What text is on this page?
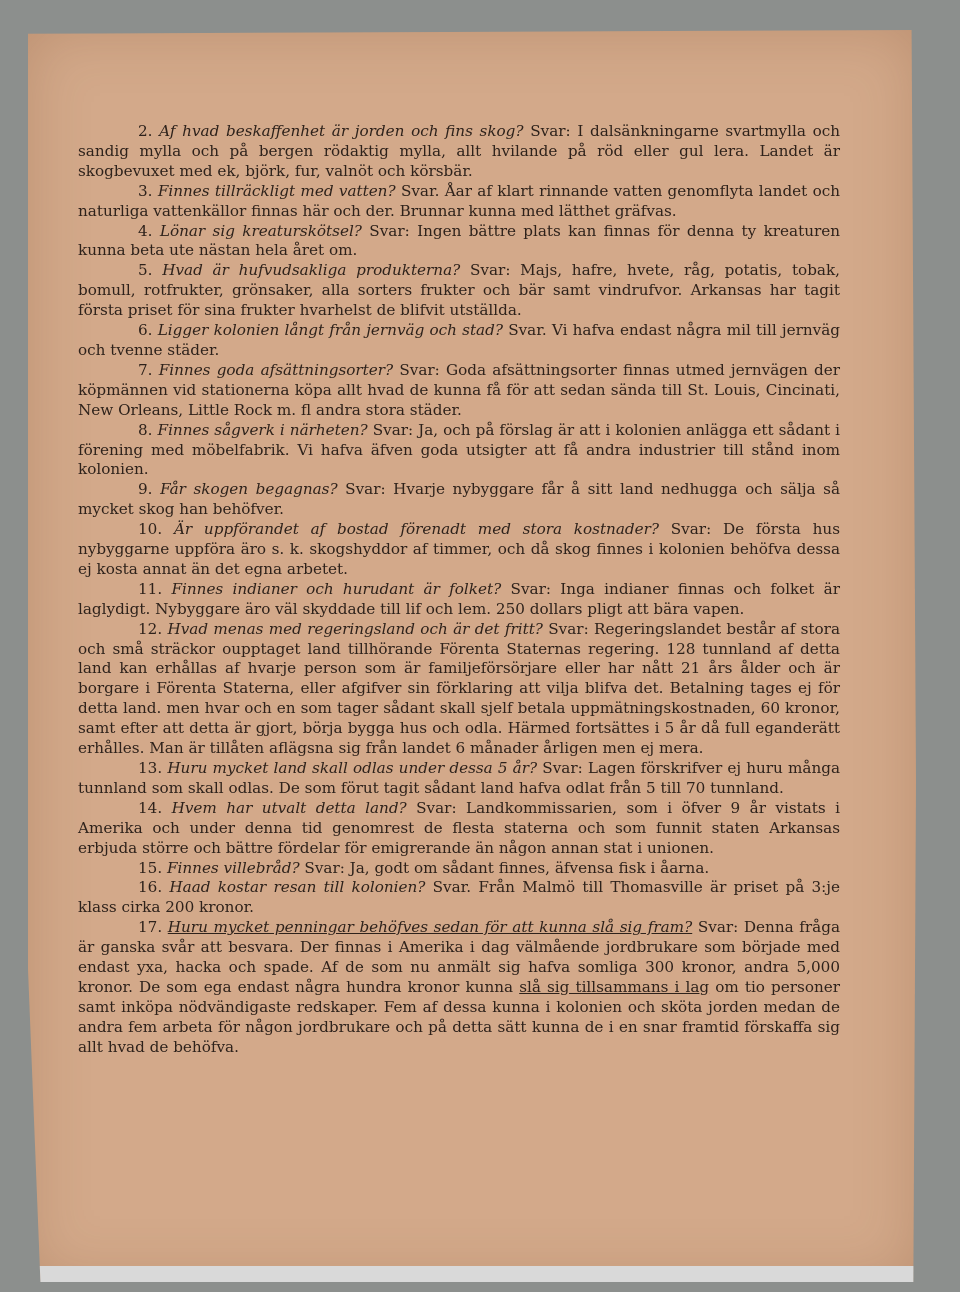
2. Af hvad beskaffenhet är jorden och fins skog? Svar: I dalsänkningarne svartmylla och sandig mylla och på bergen rödaktig mylla, allt hvilande på röd eller gul lera. Landet är skogbevuxet med ek, björk, fur, valnöt och körsbär.

3. Finnes tillräckligt med vatten? Svar. Åar af klart rinnande vatten genomflyta landet och naturliga vattenkällor finnas här och der. Brunnar kunna med lätthet gräfvas.

4. Lönar sig kreaturskötsel? Svar: Ingen bättre plats kan finnas för denna ty kreaturen kunna beta ute nästan hela året om.

5. Hvad är hufvudsakliga produkterna? Svar: Majs, hafre, hvete, råg, potatis, tobak, bomull, rotfrukter, grönsaker, alla sorters frukter och bär samt vindrufvor. Arkansas har tagit första priset för sina frukter hvarhelst de blifvit utställda.

6. Ligger kolonien långt från jernväg och stad? Svar. Vi hafva endast några mil till jernväg och tvenne städer.

7. Finnes goda afsättningsorter? Svar: Goda afsättningsorter finnas utmed jernvägen der köpmännen vid stationerna köpa allt hvad de kunna få för att sedan sända till St. Louis, Cincinati, New Orleans, Little Rock m. fl andra stora städer.

8. Finnes sågverk i närheten? Svar: Ja, och på förslag är att i kolonien anlägga ett sådant i förening med möbelfabrik. Vi hafva äfven goda utsigter att få andra industrier till stånd inom kolonien.

9. Får skogen begagnas? Svar: Hvarje nybyggare får å sitt land nedhugga och sälja så mycket skog han behöfver.

10. Är uppförandet af bostad förenadt med stora kostnader? Svar: De första hus nybyggarne uppföra äro s. k. skogshyddor af timmer, och då skog finnes i kolonien behöfva dessa ej kosta annat än det egna arbetet.

11. Finnes indianer och hurudant är folket? Svar: Inga indianer finnas och folket är laglydigt. Nybyggare äro väl skyddade till lif och lem. 250 dollars pligt att bära vapen.

12. Hvad menas med regeringsland och är det fritt? Svar: Regeringslandet består af stora och små sträckor oupptaget land tillhörande Förenta Staternas regering. 128 tunnland af detta land kan erhållas af hvarje person som är familjeförsörjare eller har nått 21 års ålder och är borgare i Förenta Staterna, eller afgifver sin förklaring att vilja blifva det. Betalning tages ej för detta land. men hvar och en som tager sådant skall sjelf betala uppmätningskostnaden, 60 kronor, samt efter att detta är gjort, börja bygga hus och odla. Härmed fortsättes i 5 år då full eganderätt erhålles. Man är tillåten aflägsna sig från landet 6 månader årligen men ej mera.

13. Huru mycket land skall odlas under dessa 5 år? Svar: Lagen förskrifver ej huru många tunnland som skall odlas. De som förut tagit sådant land hafva odlat från 5 till 70 tunnland.

14. Hvem har utvalt detta land? Svar: Landkommissarien, som i öfver 9 år vistats i Amerika och under denna tid genomrest de flesta staterna och som funnit staten Arkansas erbjuda större och bättre fördelar för emigrerande än någon annan stat i unionen.

15. Finnes villebråd? Svar: Ja, godt om sådant finnes, äfvensa fisk i åarna.

16. Haad kostar resan till kolonien? Svar. Från Malmö till Thomasville är priset på 3:je klass cirka 200 kronor.

17. Huru mycket penningar behöfves sedan för att kunna slå sig fram? Svar: Denna fråga är ganska svår att besvara. Der finnas i Amerika i dag välmående jordbrukare som började med endast yxa, hacka och spade. Af de som nu anmält sig hafva somliga 300 kronor, andra 5,000 kronor. De som ega endast några hundra kronor kunna slå sig tillsammans i lag om tio personer samt inköpa nödvändigaste redskaper. Fem af dessa kunna i kolonien och sköta jorden medan de andra fem arbeta för någon jordbrukare och på detta sätt kunna de i en snar framtid förskaffa sig allt hvad de behöfva.
